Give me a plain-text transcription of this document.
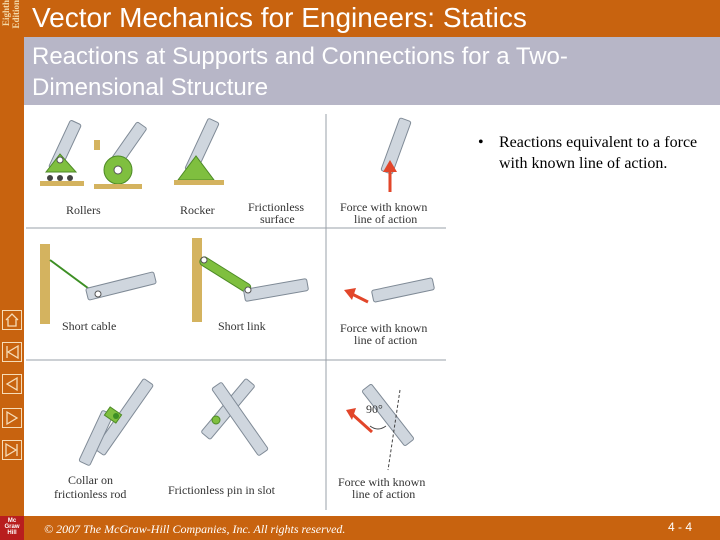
Eighth Edition
Mc
Graw
Hill
Vector Mechanics for Engineers: Statics
Reactions at Supports and Connections for a Two-Dimensional Structure
Rollers	Rocker	Frictionless
surface
Force with known
line of action
Short cable	Short link	Force with known
line of action
90°
Collar on
frictionless rod	Frictionless pin in slot
Force with known
line of action
• Reactions equivalent to a force with known line of action.
© 2007 The McGraw-Hill Companies, Inc. All rights reserved.	4 - 4
